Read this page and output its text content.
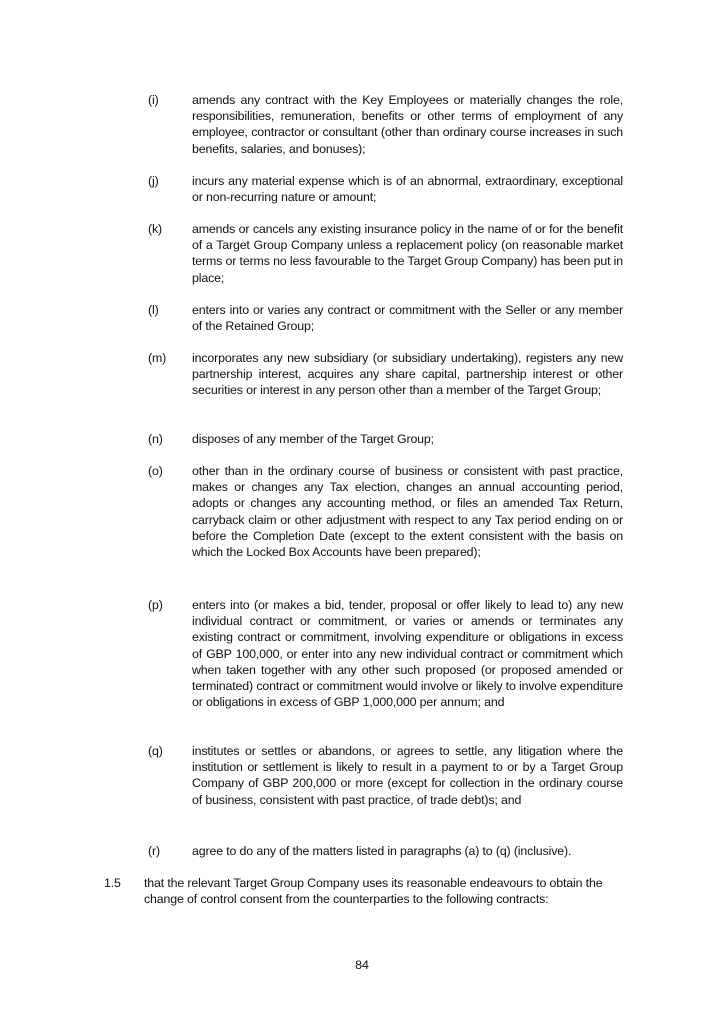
(i)	amends any contract with the Key Employees or materially changes the role, responsibilities, remuneration, benefits or other terms of employment of any employee, contractor or consultant (other than ordinary course increases in such benefits, salaries, and bonuses);
(j)	incurs any material expense which is of an abnormal, extraordinary, exceptional or non-recurring nature or amount;
(k) amends or cancels any existing insurance policy in the name of or for the benefit of a Target Group Company unless a replacement policy (on reasonable market terms or terms no less favourable to the Target Group Company) has been put in place;
(l)	enters into or varies any contract or commitment with the Seller or any member of the Retained Group;
(m) incorporates any new subsidiary (or subsidiary undertaking), registers any new partnership interest, acquires any share capital, partnership interest or other securities or interest in any person other than a member of the Target Group;
(n) disposes of any member of the Target Group;
(o) other than in the ordinary course of business or consistent with past practice, makes or changes any Tax election, changes an annual accounting period, adopts or changes any accounting method, or files an amended Tax Return, carryback claim or other adjustment with respect to any Tax period ending on or before the Completion Date (except to the extent consistent with the basis on which the Locked Box Accounts have been prepared);
(p) enters into (or makes a bid, tender, proposal or offer likely to lead to) any new individual contract or commitment, or varies or amends or terminates any existing contract or commitment, involving expenditure or obligations in excess of GBP 100,000, or enter into any new individual contract or commitment which when taken together with any other such proposed (or proposed amended or terminated) contract or commitment would involve or likely to involve expenditure or obligations in excess of GBP 1,000,000 per annum; and
(q) institutes or settles or abandons, or agrees to settle, any litigation where the institution or settlement is likely to result in a payment to or by a Target Group Company of GBP 200,000 or more (except for collection in the ordinary course of business, consistent with past practice, of trade debt)s; and
(r)	agree to do any of the matters listed in paragraphs (a) to (q) (inclusive).
1.5 that the relevant Target Group Company uses its reasonable endeavours to obtain the change of control consent from the counterparties to the following contracts:
84
